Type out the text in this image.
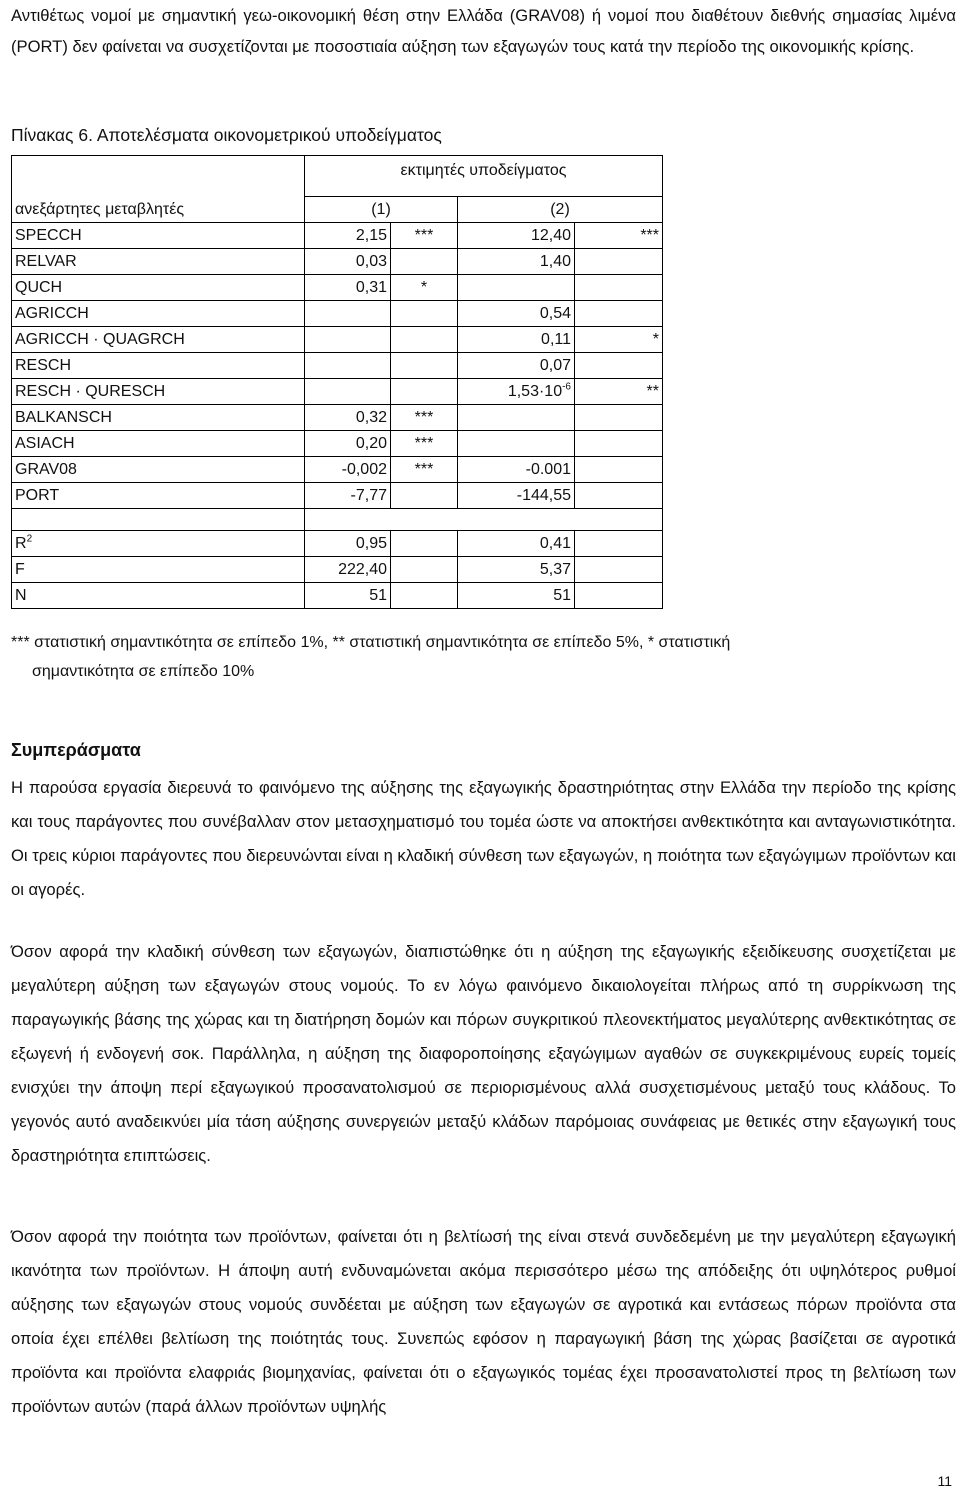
Αντιθέτως νομοί με σημαντική γεω-οικονομική θέση στην Ελλάδα (GRAV08) ή νομοί που διαθέτουν διεθνής σημασίας λιμένα (PORT) δεν φαίνεται να συσχετίζονται με ποσοστιαία αύξηση των εξαγωγών τους κατά την περίοδο της οικονομικής κρίσης.

Πίνακας 6. Αποτελέσματα οικονομετρικού υποδείγματος

	εκτιμητές υποδείγματος			
ανεξάρτητες μεταβλητές	(1)		(2)	
SPECCH	2,15	***	12,40	***
RELVAR	0,03		1,40	
QUCH	0,31	*		
AGRICCH			0,54	
AGRICCH · QUAGRCH			0,11	*
RESCH			0,07	
RESCH · QURESCH			$1,53\cdot 10^{-6}$	**
BALKANSCH	0,32	***		
ASIACH	0,20	***		
GRAV08	-0,002	***	-0.001	
PORT	-7,77		-144,55	

$R^2$	0,95		0,41	
F	222,40		5,37	
N	51		51	

*** στατιστική σημαντικότητα σε επίπεδο 1%, ** στατιστική σημαντικότητα σε επίπεδο 5%, * στατιστική
σημαντικότητα σε επίπεδο 10%

Συμπεράσματα

Η παρούσα εργασία διερευνά το φαινόμενο της αύξησης της εξαγωγικής δραστηριότητας στην Ελλάδα την περίοδο της κρίσης και τους παράγοντες που συνέβαλλαν στον μετασχηματισμό του τομέα ώστε να αποκτήσει ανθεκτικότητα και ανταγωνιστικότητα. Οι τρεις κύριοι παράγοντες που διερευνώνται είναι η κλαδική σύνθεση των εξαγωγών, η ποιότητα των εξαγώγιμων προϊόντων και οι αγορές.

Όσον αφορά την κλαδική σύνθεση των εξαγωγών, διαπιστώθηκε ότι η αύξηση της εξαγωγικής εξειδίκευσης συσχετίζεται με μεγαλύτερη αύξηση των εξαγωγών στους νομούς. Το εν λόγω φαινόμενο δικαιολογείται πλήρως από τη συρρίκνωση της παραγωγικής βάσης της χώρας και τη διατήρηση δομών και πόρων συγκριτικού πλεονεκτήματος μεγαλύτερης ανθεκτικότητας σε εξωγενή ή ενδογενή σοκ. Παράλληλα, η αύξηση της διαφοροποίησης εξαγώγιμων αγαθών σε συγκεκριμένους ευρείς τομείς ενισχύει την άποψη περί εξαγωγικού προσανατολισμού σε περιορισμένους αλλά συσχετισμένους μεταξύ τους κλάδους. Το γεγονός αυτό αναδεικνύει μία τάση αύξησης συνεργειών μεταξύ κλάδων παρόμοιας συνάφειας με θετικές στην εξαγωγική τους δραστηριότητα επιπτώσεις.

Όσον αφορά την ποιότητα των προϊόντων, φαίνεται ότι η βελτίωσή της είναι στενά συνδεδεμένη με την μεγαλύτερη εξαγωγική ικανότητα των προϊόντων. Η άποψη αυτή ενδυναμώνεται ακόμα περισσότερο μέσω της απόδειξης ότι υψηλότερος ρυθμοί αύξησης των εξαγωγών στους νομούς συνδέεται με αύξηση των εξαγωγών σε αγροτικά και εντάσεως πόρων προϊόντα στα οποία έχει επέλθει βελτίωση της ποιότητάς τους. Συνεπώς εφόσον η παραγωγική βάση της χώρας βασίζεται σε αγροτικά προϊόντα και προϊόντα ελαφριάς βιομηχανίας, φαίνεται ότι ο εξαγωγικός τομέας έχει προσανατολιστεί προς τη βελτίωση των προϊόντων αυτών (παρά άλλων προϊόντων υψηλής

11
